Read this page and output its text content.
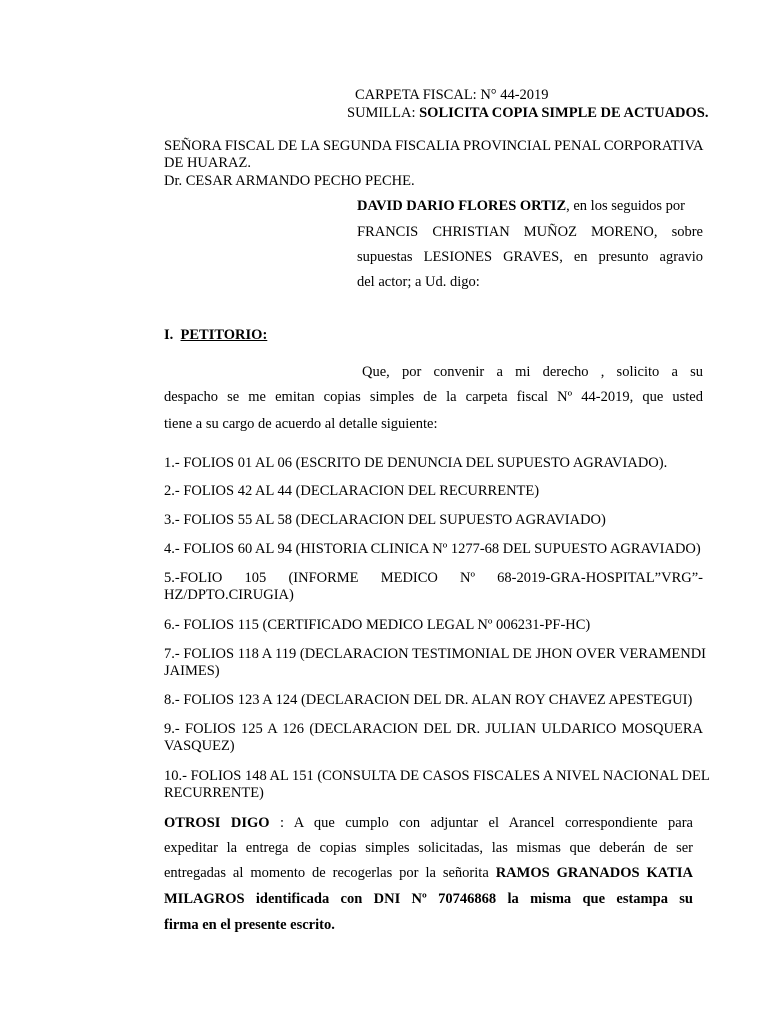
CARPETA FISCAL: N° 44-2019
SUMILLA: SOLICITA COPIA SIMPLE DE ACTUADOS.
SEÑORA FISCAL DE LA SEGUNDA FISCALIA PROVINCIAL PENAL CORPORATIVA
DE HUARAZ.
Dr. CESAR ARMANDO PECHO PECHE.
DAVID DARIO FLORES ORTIZ, en los seguidos por
FRANCIS CHRISTIAN MUÑOZ MORENO, sobre
supuestas LESIONES GRAVES, en presunto agravio
del actor; a Ud. digo:
I. PETITORIO:
Que, por convenir a mi derecho , solicito a su
despacho se me emitan copias simples de la carpeta fiscal Nº 44-2019, que usted
tiene a su cargo de acuerdo al detalle siguiente:
1.- FOLIOS 01 AL 06 (ESCRITO DE DENUNCIA DEL SUPUESTO AGRAVIADO).
2.- FOLIOS 42 AL 44 (DECLARACION DEL RECURRENTE)
3.- FOLIOS 55 AL 58 (DECLARACION DEL SUPUESTO AGRAVIADO)
4.- FOLIOS 60 AL 94 (HISTORIA CLINICA Nº 1277-68 DEL SUPUESTO AGRAVIADO)
5.-FOLIO 105 (INFORME MEDICO Nº 68-2019-GRA-HOSPITAL”VRG”-
HZ/DPTO.CIRUGIA)
6.- FOLIOS 115 (CERTIFICADO MEDICO LEGAL Nº 006231-PF-HC)
7.- FOLIOS 118 A 119 (DECLARACION TESTIMONIAL DE JHON OVER VERAMENDI
JAIMES)
8.- FOLIOS 123 A 124 (DECLARACION DEL DR. ALAN ROY CHAVEZ APESTEGUI)
9.- FOLIOS 125 A 126 (DECLARACION DEL DR. JULIAN ULDARICO MOSQUERA
VASQUEZ)
10.- FOLIOS 148 AL 151 (CONSULTA DE CASOS FISCALES A NIVEL NACIONAL DEL
RECURRENTE)
OTROSI DIGO : A que cumplo con adjuntar el Arancel correspondiente para
expeditar la entrega de copias simples solicitadas, las mismas que deberán de ser
entregadas al momento de recogerlas por la señorita RAMOS GRANADOS KATIA
MILAGROS identificada con DNI Nº 70746868 la misma que estampa su
firma en el presente escrito.
